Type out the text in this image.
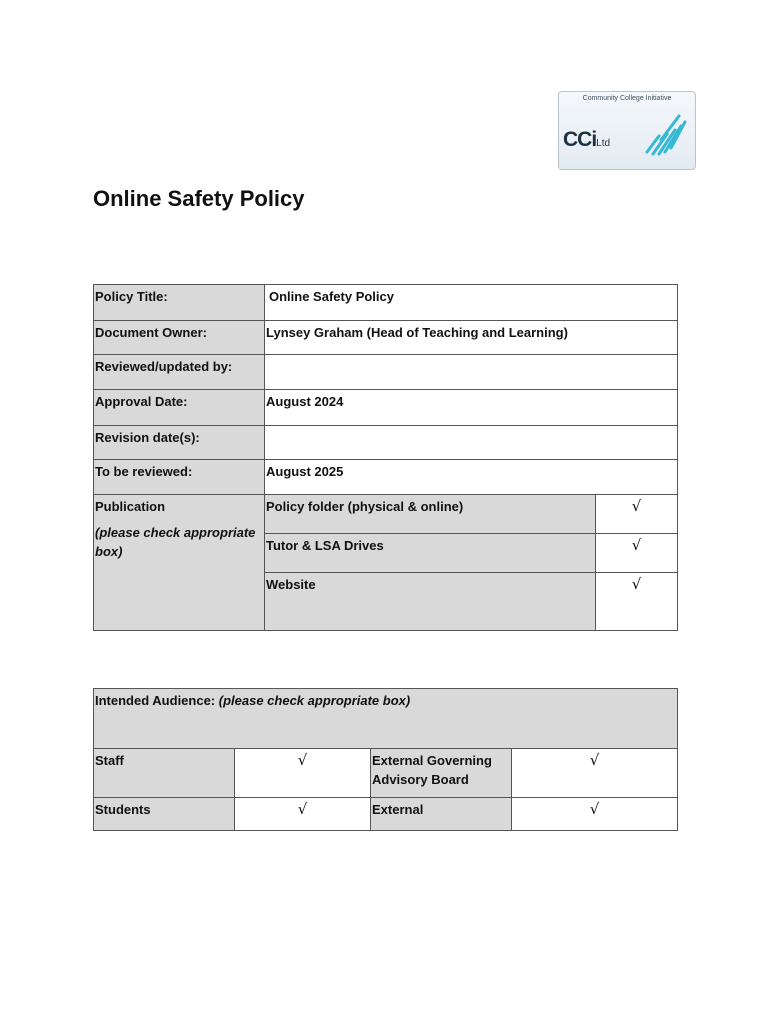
Community College Initiative
CCiLtd
Online Safety Policy
Policy Title:	Online Safety Policy	
Document Owner:	Lynsey Graham (Head of Teaching and Learning)	
Reviewed/updated by:		
Approval Date:	August 2024	
Revision date(s):		
To be reviewed:	August 2025	
Publication
(please check appropriate box)	Policy folder (physical & online)	√
	Tutor & LSA Drives	√
	Website	√
Intended Audience: (please check appropriate box)			
Staff	√	External Governing Advisory Board	√
Students	√	External	√
